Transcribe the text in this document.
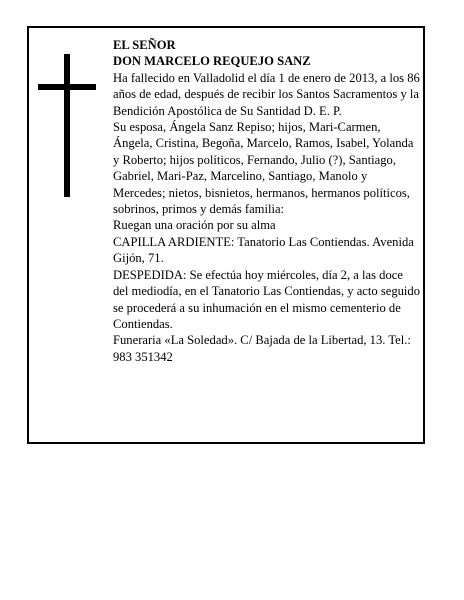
EL SEÑOR

DON MARCELO REQUEJO SANZ

Ha fallecido en Valladolid el día 1 de enero de 2013, a los 86 años de edad, después de recibir los Santos Sacramentos y la Bendición Apostólica de Su Santidad D. E. P.

Su esposa, Ángela Sanz Repiso; hijos, Mari-Carmen, Ángela, Cristina, Begoña, Marcelo, Ramos, Isabel, Yolanda y Roberto; hijos políticos, Fernando, Julio (?), Santiago, Gabriel, Mari-Paz, Marcelino, Santiago, Manolo y Mercedes; nietos, bisnietos, hermanos, hermanos políticos, sobrinos, primos y demás familia:

Ruegan una oración por su alma

CAPILLA ARDIENTE: Tanatorio Las Contiendas. Avenida Gijón, 71.

DESPEDIDA: Se efectúa hoy miércoles, día 2, a las doce del mediodía, en el Tanatorio Las Contiendas, y acto seguido se procederá a su inhumación en el mismo cementerio de Contiendas.

Funeraria «La Soledad». C/ Bajada de la Libertad, 13. Tel.: 983 351342
